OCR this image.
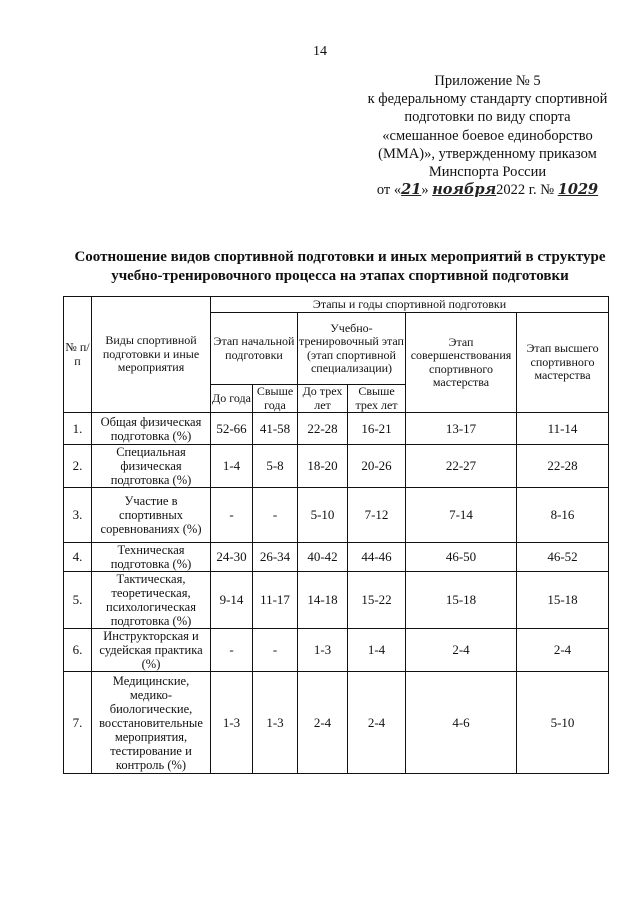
14
Приложение № 5
к федеральному стандарту спортивной
подготовки по виду спорта
«смешанное боевое единоборство
(ММА)», утвержденному приказом
Минспорта России
от «21» ноября2022 г. № 1029
Соотношение видов спортивной подготовки и иных мероприятий в структуре
учебно-тренировочного процесса на этапах спортивной подготовки
№ п/п	Виды спортивной подготовки и иные мероприятия	Этапы и годы спортивной подготовки					
		Этап начальной подготовки		Учебно-тренировочный этап (этап спортивной специализации)		Этап совершенствования спортивного мастерства	Этап высшего спортивного мастерства
		До года	Свыше года	До трех лет	Свыше трех лет		
1.	Общая физическая подготовка (%)	52-66	41-58	22-28	16-21	13-17	11-14
2.	Специальная физическая подготовка (%)	1-4	5-8	18-20	20-26	22-27	22-28
3.	Участие в спортивных соревнованиях (%)	-	-	5-10	7-12	7-14	8-16
4.	Техническая подготовка (%)	24-30	26-34	40-42	44-46	46-50	46-52
5.	Тактическая, теоретическая, психологическая подготовка (%)	9-14	11-17	14-18	15-22	15-18	15-18
6.	Инструкторская и судейская практика (%)	-	-	1-3	1-4	2-4	2-4
7.	Медицинские, медико-биологические, восстановительные мероприятия, тестирование и контроль (%)	1-3	1-3	2-4	2-4	4-6	5-10
